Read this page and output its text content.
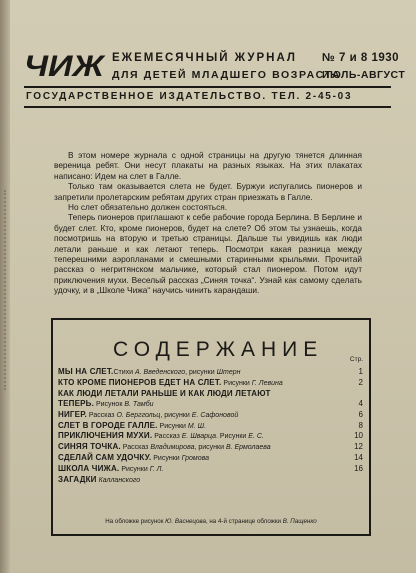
ЧИЖ ЕЖЕМЕСЯЧНЫЙ ЖУРНАЛ № 7 и 8 1930
ДЛЯ ДЕТЕЙ МЛАДШЕГО ВОЗРАСТА
ИЮЛЬ-АВГУСТ
ГОСУДАРСТВЕННОЕ ИЗДАТЕЛЬСТВО. ТЕЛ. 2-45-03

В этом номере журнала с одной страницы на другую тянется длинная вереница ребят. Они несут плакаты на разных языках. На этих плакатах написано: Идем на слет в Галле.

Только там оказывается слета не будет. Буржуи испугались пионеров и запретили пролетарским ребятам других стран приезжать в Галле.

Но слет обязательно должен состояться.

Теперь пионеров приглашают к себе рабочие города Берлина. В Берлине и будет слет. Кто, кроме пионеров, будет на слете? Об этом ты узнаешь, когда посмотришь на вторую и третью страницы. Дальше ты увидишь как люди летали раньше и как летают теперь. Посмотри какая разница между теперешними аэропланами и смешными старинными крыльями. Прочитай рассказ о негритянском мальчике, который стал пионером. Потом идут приключения мухи. Веселый рассказ „Синяя точка“. Узнай как самому сделать удочку, и в „Школе Чижа“ научись чинить карандаши.

СОДЕРЖАНИЕ	Стр.
МЫ НА СЛЕТ.Стихи А. Введенского, рисунки Штерн	1
КТО КРОМЕ ПИОНЕРОВ ЕДЕТ НА СЛЕТ. Рисунки Г. Левина	2
КАК ЛЮДИ ЛЕТАЛИ РАНЬШЕ И КАК ЛЮДИ ЛЕТАЮТ
ТЕПЕРЬ. Рисунок В. Тамби	4
НИГЕР. Рассказ О. Берггольц, рисунки Е. Сафоновой	6
СЛЕТ В ГОРОДЕ ГАЛЛЕ. Рисунки М. Ш.	8
ПРИКЛЮЧЕНИЯ МУХИ. Рассказ Е. Шварца. Рисунки Е. С.	10
СИНЯЯ ТОЧКА. Рассказ Владимирова, рисунки В. Ермолаева	12
СДЕЛАЙ САМ УДОЧКУ. Рисунки Громова	14
ШКОЛА ЧИЖА. Рисунки Г. Л.	16
ЗАГАДКИ Калланского
На обложке рисунок Ю. Васнецова, на 4-й странице обложки В. Пащенко
